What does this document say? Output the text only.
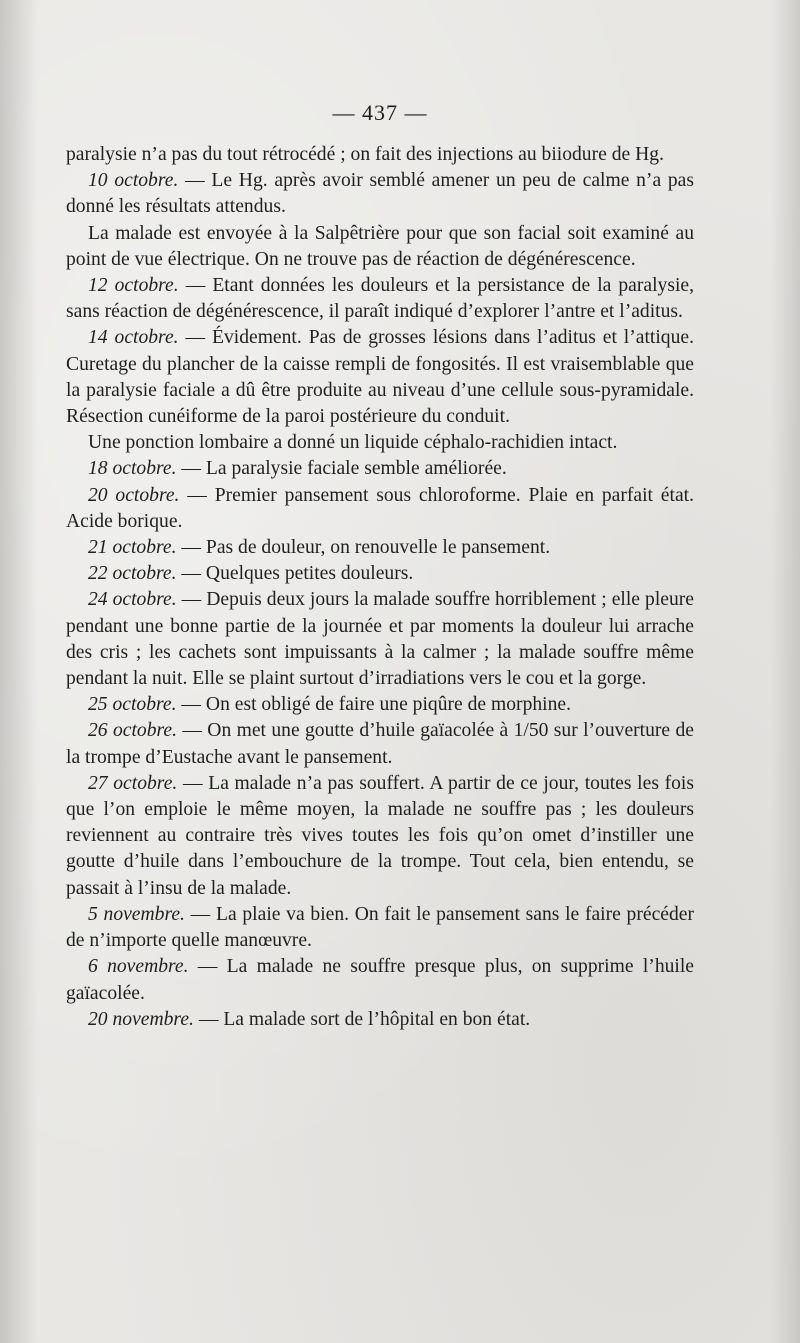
— 437 —

paralysie n’a pas du tout rétrocédé ; on fait des injections au biiodure de Hg.

10 octobre. — Le Hg. après avoir semblé amener un peu de calme n’a pas donné les résultats attendus.

La malade est envoyée à la Salpêtrière pour que son facial soit examiné au point de vue électrique. On ne trouve pas de réaction de dégénérescence.

12 octobre. — Etant données les douleurs et la persistance de la paralysie, sans réaction de dégénérescence, il paraît indiqué d’explorer l’antre et l’aditus.

14 octobre. — Évidement. Pas de grosses lésions dans l’aditus et l’attique. Curetage du plancher de la caisse rempli de fongosités. Il est vraisemblable que la paralysie faciale a dû être produite au niveau d’une cellule sous-pyramidale. Résection cunéiforme de la paroi postérieure du conduit.

Une ponction lombaire a donné un liquide céphalo-rachidien intact.

18 octobre. — La paralysie faciale semble améliorée.

20 octobre. — Premier pansement sous chloroforme. Plaie en parfait état. Acide borique.

21 octobre. — Pas de douleur, on renouvelle le pansement.

22 octobre. — Quelques petites douleurs.

24 octobre. — Depuis deux jours la malade souffre horriblement ; elle pleure pendant une bonne partie de la journée et par moments la douleur lui arrache des cris ; les cachets sont impuissants à la calmer ; la malade souffre même pendant la nuit. Elle se plaint surtout d’irradiations vers le cou et la gorge.

25 octobre. — On est obligé de faire une piqûre de morphine.

26 octobre. — On met une goutte d’huile gaïacolée à 1/50 sur l’ouverture de la trompe d’Eustache avant le pansement.

27 octobre. — La malade n’a pas souffert. A partir de ce jour, toutes les fois que l’on emploie le même moyen, la malade ne souffre pas ; les douleurs reviennent au contraire très vives toutes les fois qu’on omet d’instiller une goutte d’huile dans l’embouchure de la trompe. Tout cela, bien entendu, se passait à l’insu de la malade.

5 novembre. — La plaie va bien. On fait le pansement sans le faire précéder de n’importe quelle manœuvre.

6 novembre. — La malade ne souffre presque plus, on supprime l’huile gaïacolée.

20 novembre. — La malade sort de l’hôpital en bon état.
